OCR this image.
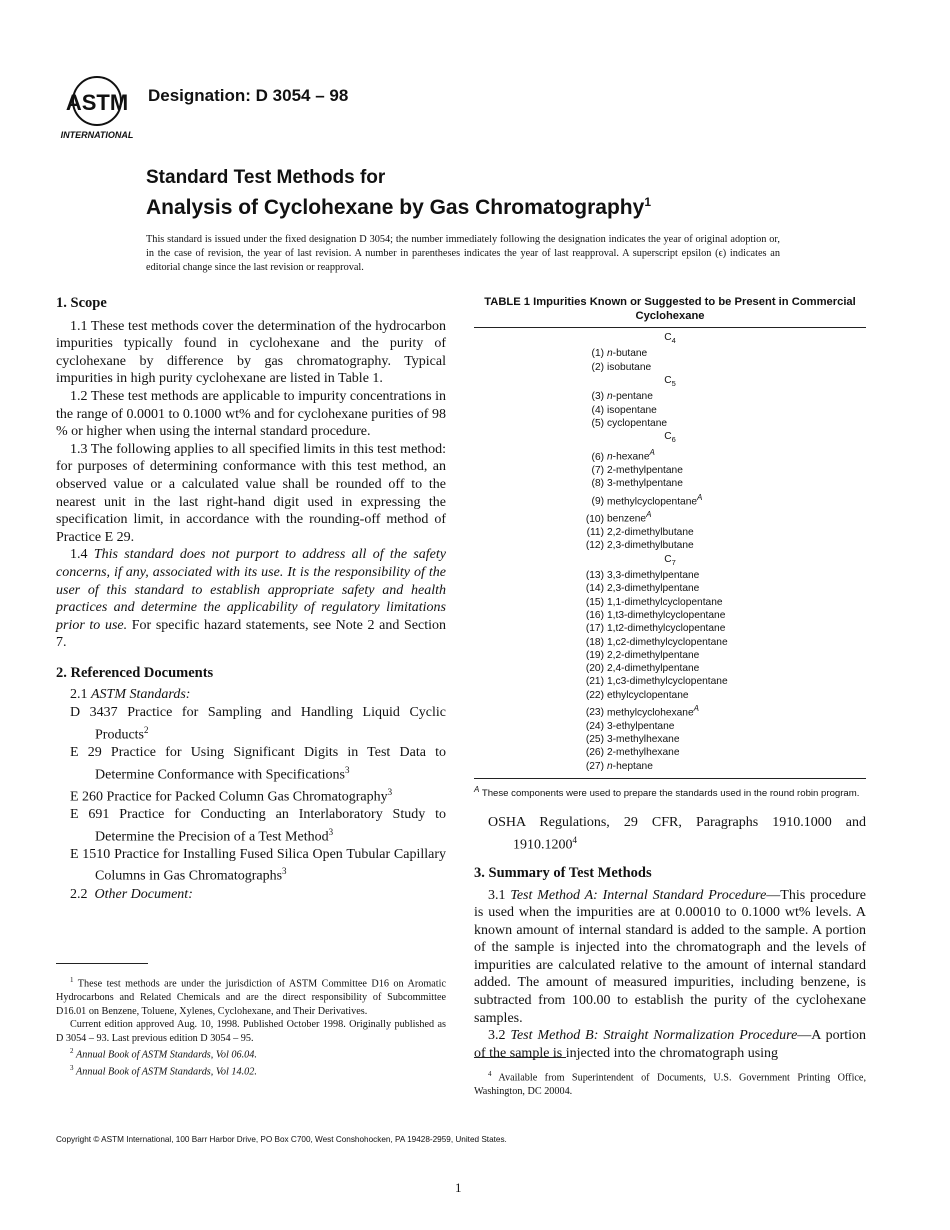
ASTM
INTERNATIONAL
Designation: D 3054 – 98
Standard Test Methods for
Analysis of Cyclohexane by Gas Chromatography$^1$
This standard is issued under the fixed designation D 3054; the number immediately following the designation indicates the year of original adoption or, in the case of revision, the year of last revision. A number in parentheses indicates the year of last reapproval. A superscript epsilon (ϵ) indicates an editorial change since the last revision or reapproval.
1. Scope

1.1 These test methods cover the determination of the hydrocarbon impurities typically found in cyclohexane and the purity of cyclohexane by difference by gas chromatography. Typical impurities in high purity cyclohexane are listed in Table 1.

1.2 These test methods are applicable to impurity concentrations in the range of 0.0001 to 0.1000 wt% and for cyclohexane purities of 98 % or higher when using the internal standard procedure.

1.3 The following applies to all specified limits in this test method: for purposes of determining conformance with this test method, an observed value or a calculated value shall be rounded off to the nearest unit in the last right-hand digit used in expressing the specification limit, in accordance with the rounding-off method of Practice E 29.

1.4 This standard does not purport to address all of the safety concerns, if any, associated with its use. It is the responsibility of the user of this standard to establish appropriate safety and health practices and determine the applicability of regulatory limitations prior to use. For specific hazard statements, see Note 2 and Section 7.

2. Referenced Documents
2.1 ASTM Standards:
D 3437 Practice for Sampling and Handling Liquid Cyclic Products$^2$
E 29 Practice for Using Significant Digits in Test Data to Determine Conformance with Specifications$^3$
E 260 Practice for Packed Column Gas Chromatography$^3$
E 691 Practice for Conducting an Interlaboratory Study to Determine the Precision of a Test Method$^3$
E 1510 Practice for Installing Fused Silica Open Tubular Capillary Columns in Gas Chromatographs$^3$
2.2 Other Document:
$^1$ These test methods are under the jurisdiction of ASTM Committee D16 on Aromatic Hydrocarbons and Related Chemicals and are the direct responsibility of Subcommittee D16.01 on Benzene, Toluene, Xylenes, Cyclohexane, and Their Derivatives.
Current edition approved Aug. 10, 1998. Published October 1998. Originally published as D 3054 – 93. Last previous edition D 3054 – 95.
$^2$ Annual Book of ASTM Standards, Vol 06.04.
$^3$ Annual Book of ASTM Standards, Vol 14.02.
TABLE 1 Impurities Known or Suggested to be Present in Commercial Cyclohexane
$C_4$
(1) n-butane
(2) isobutane
$C_5$
(3) n-pentane
(4) isopentane
(5) cyclopentane
$C_6$
(6) n-hexane$^A$
(7) 2-methylpentane
(8) 3-methylpentane
(9) methylcyclopentane$^A$
(10) benzene$^A$
(11) 2,2-dimethylbutane
(12) 2,3-dimethylbutane
$C_7$
(13) 3,3-dimethylpentane
(14) 2,3-dimethylpentane
(15) 1,1-dimethylcyclopentane
(16) 1,t3-dimethylcyclopentane
(17) 1,t2-dimethylcyclopentane
(18) 1,c2-dimethylcyclopentane
(19) 2,2-dimethylpentane
(20) 2,4-dimethylpentane
(21) 1,c3-dimethylcyclopentane
(22) ethylcyclopentane
(23) methylcyclohexane$^A$
(24) 3-ethylpentane
(25) 3-methylhexane
(26) 2-methylhexane
(27) n-heptane
$^A$ These components were used to prepare the standards used in the round robin program.
OSHA Regulations, 29 CFR, Paragraphs 1910.1000 and 1910.1200$^4$
3. Summary of Test Methods

3.1 Test Method A: Internal Standard Procedure—This procedure is used when the impurities are at 0.00010 to 0.1000 wt% levels. A known amount of internal standard is added to the sample. A portion of the sample is injected into the chromatograph and the levels of impurities are calculated relative to the amount of internal standard added. The amount of measured impurities, including benzene, is subtracted from 100.00 to establish the purity of the cyclohexane samples.

3.2 Test Method B: Straight Normalization Procedure—A portion of the sample is injected into the chromatograph using

$^4$ Available from Superintendent of Documents, U.S. Government Printing Office, Washington, DC 20004.
Copyright © ASTM International, 100 Barr Harbor Drive, PO Box C700, West Conshohocken, PA 19428-2959, United States.
1
